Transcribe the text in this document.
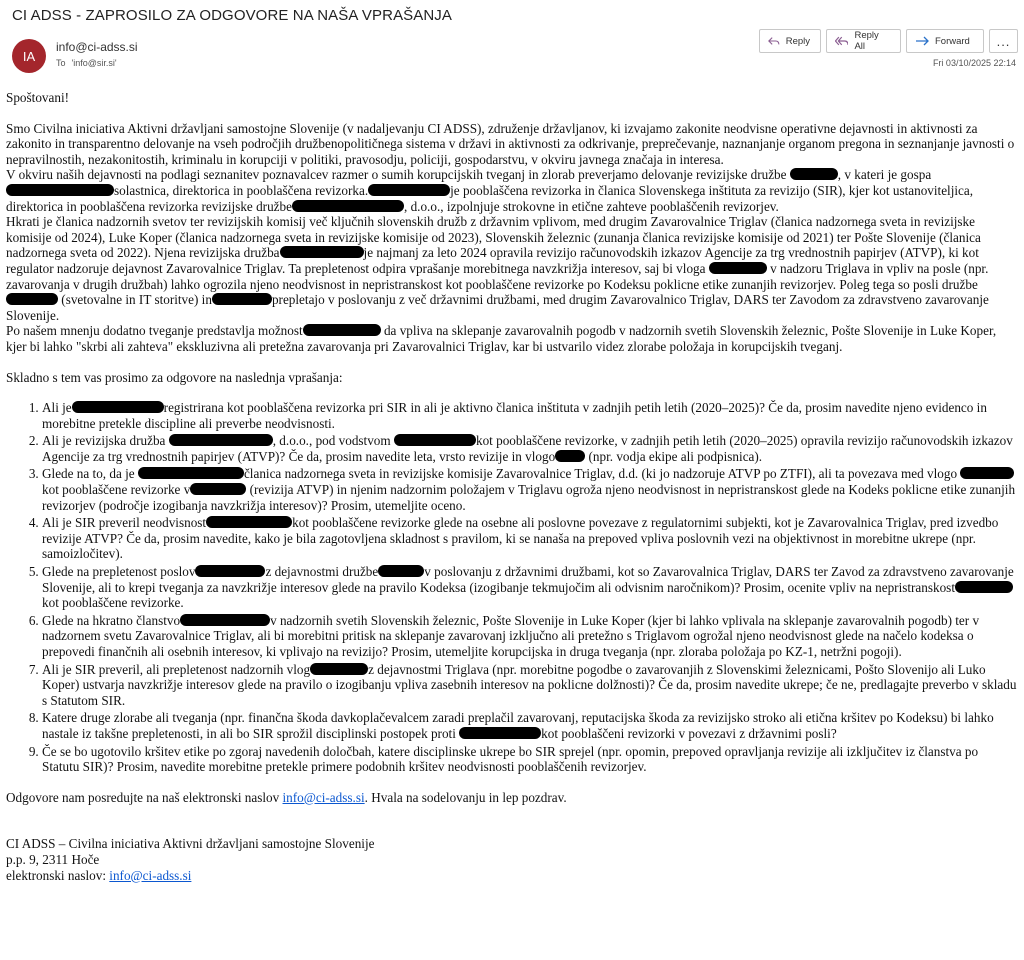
CI ADSS - ZAPROSILO ZA ODGOVORE NA NAŠA VPRAŠANJA
IA
info@ci-adss.si
To 'info@sir.si'
Reply	Reply All	Forward	...
Fri 03/10/2025 22:14

Spoštovani!

Smo Civilna iniciativa Aktivni državljani samostojne Slovenije (v nadaljevanju CI ADSS), združenje državljanov, ki izvajamo zakonite neodvisne operativne dejavnosti in aktivnosti za zakonito in transparentno delovanje na vseh področjih družbenopolitičnega sistema v državi in aktivnosti za odkrivanje, preprečevanje, naznanjanje organom pregona in seznanjanje javnosti o nepravilnostih, nezakonitostih, kriminalu in korupciji v politiki, pravosodju, policiji, gospodarstvu, v okviru javnega značaja in interesa.

V okviru naših dejavnosti na podlagi seznanitev poznavalcev razmer o sumih korupcijskih tveganj in zlorab preverjamo delovanje revizijske družbe	, v kateri je gospa solastnica, direktorica in pooblaščena revizorka.	je pooblaščena revizorka in članica Slovenskega inštituta za revizijo (SIR), kjer kot ustanoviteljica, direktorica in pooblaščena revizorka revizijske družbe	, d.o.o., izpolnjuje strokovne in etične zahteve pooblaščenih revizorjev.

Hkrati je članica nadzornih svetov ter revizijskih komisij več ključnih slovenskih družb z državnim vplivom, med drugim Zavarovalnice Triglav (članica nadzornega sveta in revizijske komisije od 2024), Luke Koper (članica nadzornega sveta in revizijske komisije od 2023), Slovenskih železnic (zunanja članica revizijske komisije od 2021) ter Pošte Slovenije (članica nadzornega sveta od 2022). Njena revizijska družba	je najmanj za leto 2024 opravila revizijo računovodskih izkazov Agencije za trg vrednostnih papirjev (ATVP), ki kot regulator nadzoruje dejavnost Zavarovalnice Triglav. Ta prepletenost odpira vprašanje morebitnega navzkrižja interesov, saj bi vloga	v nadzoru Triglava in vpliv na posle (npr. zavarovanja v drugih družbah) lahko ogrozila njeno neodvisnost in nepristranskost kot pooblaščene revizorke po Kodeksu poklicne etike zunanjih revizorjev. Poleg tega so posli družbe (svetovalne in IT storitve) in	prepletajo v poslovanju z več državnimi družbami, med drugim Zavarovalnico Triglav, DARS ter Zavodom za zdravstveno zavarovanje Slovenije.

Po našem mnenju dodatno tveganje predstavlja možnost	da vpliva na sklepanje zavarovalnih pogodb v nadzornih svetih Slovenskih železnic, Pošte Slovenije in Luke Koper, kjer bi lahko "skrbi ali zahteva" ekskluzivna ali pretežna zavarovanja pri Zavarovalnici Triglav, kar bi ustvarilo videz zlorabe položaja in korupcijskih tveganj.

Skladno s tem vas prosimo za odgovore na naslednja vprašanja:

1. Ali je	registrirana kot pooblaščena revizorka pri SIR in ali je aktivno članica inštituta v zadnjih petih letih (2020–2025)? Če da, prosim navedite njeno evidenco in morebitne pretekle discipline ali preverbe neodvisnosti.
2. Ali je revizijska družba	, d.o.o., pod vodstvom	kot pooblaščene revizorke, v zadnjih petih letih (2020–2025) opravila revizijo računovodskih izkazov Agencije za trg vrednostnih papirjev (ATVP)? Če da, prosim navedite leta, vrsto revizije in vlogo	(npr. vodja ekipe ali podpisnica).
3. Glede na to, da je	članica nadzornega sveta in revizijske komisije Zavarovalnice Triglav, d.d. (ki jo nadzoruje ATVP po ZTFI), ali ta povezava med vlogo kot pooblaščene revizorke v	(revizija ATVP) in njenim nadzornim položajem v Triglavu ogroža njeno neodvisnost in nepristranskost glede na Kodeks poklicne etike zunanjih revizorjev (področje izogibanja navzkrižja interesov)? Prosim, utemeljite oceno.
4. Ali je SIR preveril neodvisnost	kot pooblaščene revizorke glede na osebne ali poslovne povezave z regulatornimi subjekti, kot je Zavarovalnica Triglav, pred izvedbo revizije ATVP? Če da, prosim navedite, kako je bila zagotovljena skladnost s pravilom, ki se nanaša na prepoved vpliva poslovnih vezi na objektivnost in morebitne ukrepe (npr. samoizločitev).
5. Glede na prepletenost poslov	z dejavnostmi družbe	v poslovanju z državnimi družbami, kot so Zavarovalnica Triglav, DARS ter Zavod za zdravstveno zavarovanje Slovenije, ali to krepi tveganja za navzkrižje interesov glede na pravilo Kodeksa (izogibanje tekmujočim ali odvisnim naročnikom)? Prosim, ocenite vpliv na nepristranskostkot pooblaščene revizorke.
6. Glede na hkratno članstvo	v nadzornih svetih Slovenskih železnic, Pošte Slovenije in Luke Koper (kjer bi lahko vplivala na sklepanje zavarovalnih pogodb) ter v nadzornem svetu Zavarovalnice Triglav, ali bi morebitni pritisk na sklepanje zavarovanj izključno ali pretežno s Triglavom ogrožal njeno neodvisnost glede na načelo kodeksa o prepovedi finančnih ali osebnih interesov, ki vplivajo na revizijo? Prosim, utemeljite korupcijska in druga tveganja (npr. zloraba položaja po KZ-1, netržni pogoji).
7. Ali je SIR preveril, ali prepletenost nadzornih vlog	z dejavnostmi Triglava (npr. morebitne pogodbe o zavarovanjih z Slovenskimi železnicami, Pošto Slovenijo ali Luko Koper) ustvarja navzkrižje interesov glede na pravilo o izogibanju vpliva zasebnih interesov na poklicne dolžnosti)? Če da, prosim navedite ukrepe; če ne, predlagajte preverbo v skladu s Statutom SIR.
8. Katere druge zlorabe ali tveganja (npr. finančna škoda davkoplačevalcem zaradi preplačil zavarovanj, reputacijska škoda za revizijsko stroko ali etična kršitev po Kodeksu) bi lahko nastale iz takšne prepletenosti, in ali bo SIR sprožil disciplinski postopek proti	kot pooblaščeni revizorki v povezavi z državnimi posli?
9. Če se bo ugotovilo kršitev etike po zgoraj navedenih določbah, katere disciplinske ukrepe bo SIR sprejel (npr. opomin, prepoved opravljanja revizije ali izključitev iz članstva po Statutu SIR)? Prosim, navedite morebitne pretekle primere podobnih kršitev neodvisnosti pooblaščenih revizorjev.

Odgovore nam posredujte na naš elektronski naslov info@ci-adss.si. Hvala na sodelovanju in lep pozdrav.

CI ADSS – Civilna iniciativa Aktivni državljani samostojne Slovenije

p.p. 9, 2311 Hoče

elektronski naslov: info@ci-adss.si
